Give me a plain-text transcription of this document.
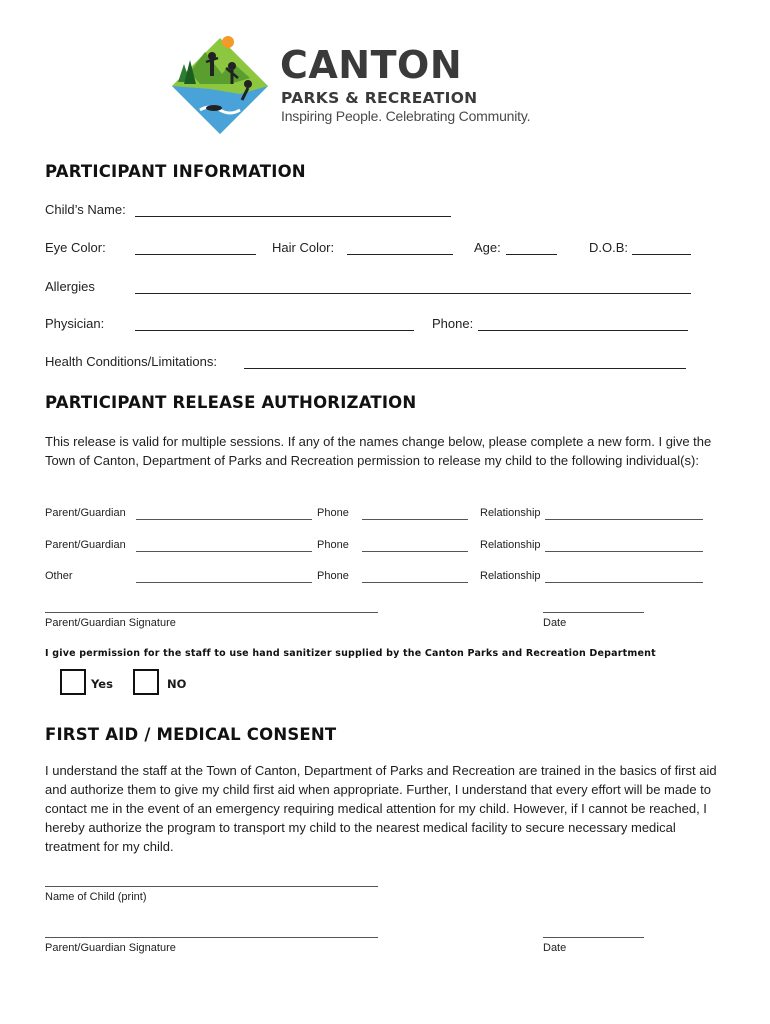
CANTON
PARKS & RECREATION
Inspiring People. Celebrating Community.
PARTICIPANT INFORMATION
Child’s Name:
Eye Color:	Hair Color:	Age:	D.O.B:
Allergies
Physician:	Phone:
Health Conditions/Limitations:
PARTICIPANT RELEASE AUTHORIZATION
This release is valid for multiple sessions. If any of the names change below, please complete a new form. I give the Town of Canton, Department of Parks and Recreation permission to release my child to the following individual(s):
Parent/Guardian	Phone	Relationship
Parent/Guardian	Phone	Relationship
Other	Phone	Relationship
Parent/Guardian Signature	Date
I give permission for the staff to use hand sanitizer supplied by the Canton Parks and Recreation Department
Yes	NO
FIRST AID / MEDICAL CONSENT
I understand the staff at the Town of Canton, Department of Parks and Recreation are trained in the basics of first aid and authorize them to give my child first aid when appropriate. Further, I understand that every effort will be made to contact me in the event of an emergency requiring medical attention for my child. However, if I cannot be reached, I hereby authorize the program to transport my child to the nearest medical facility to secure necessary medical treatment for my child.
Name of Child (print)
Parent/Guardian Signature	Date
